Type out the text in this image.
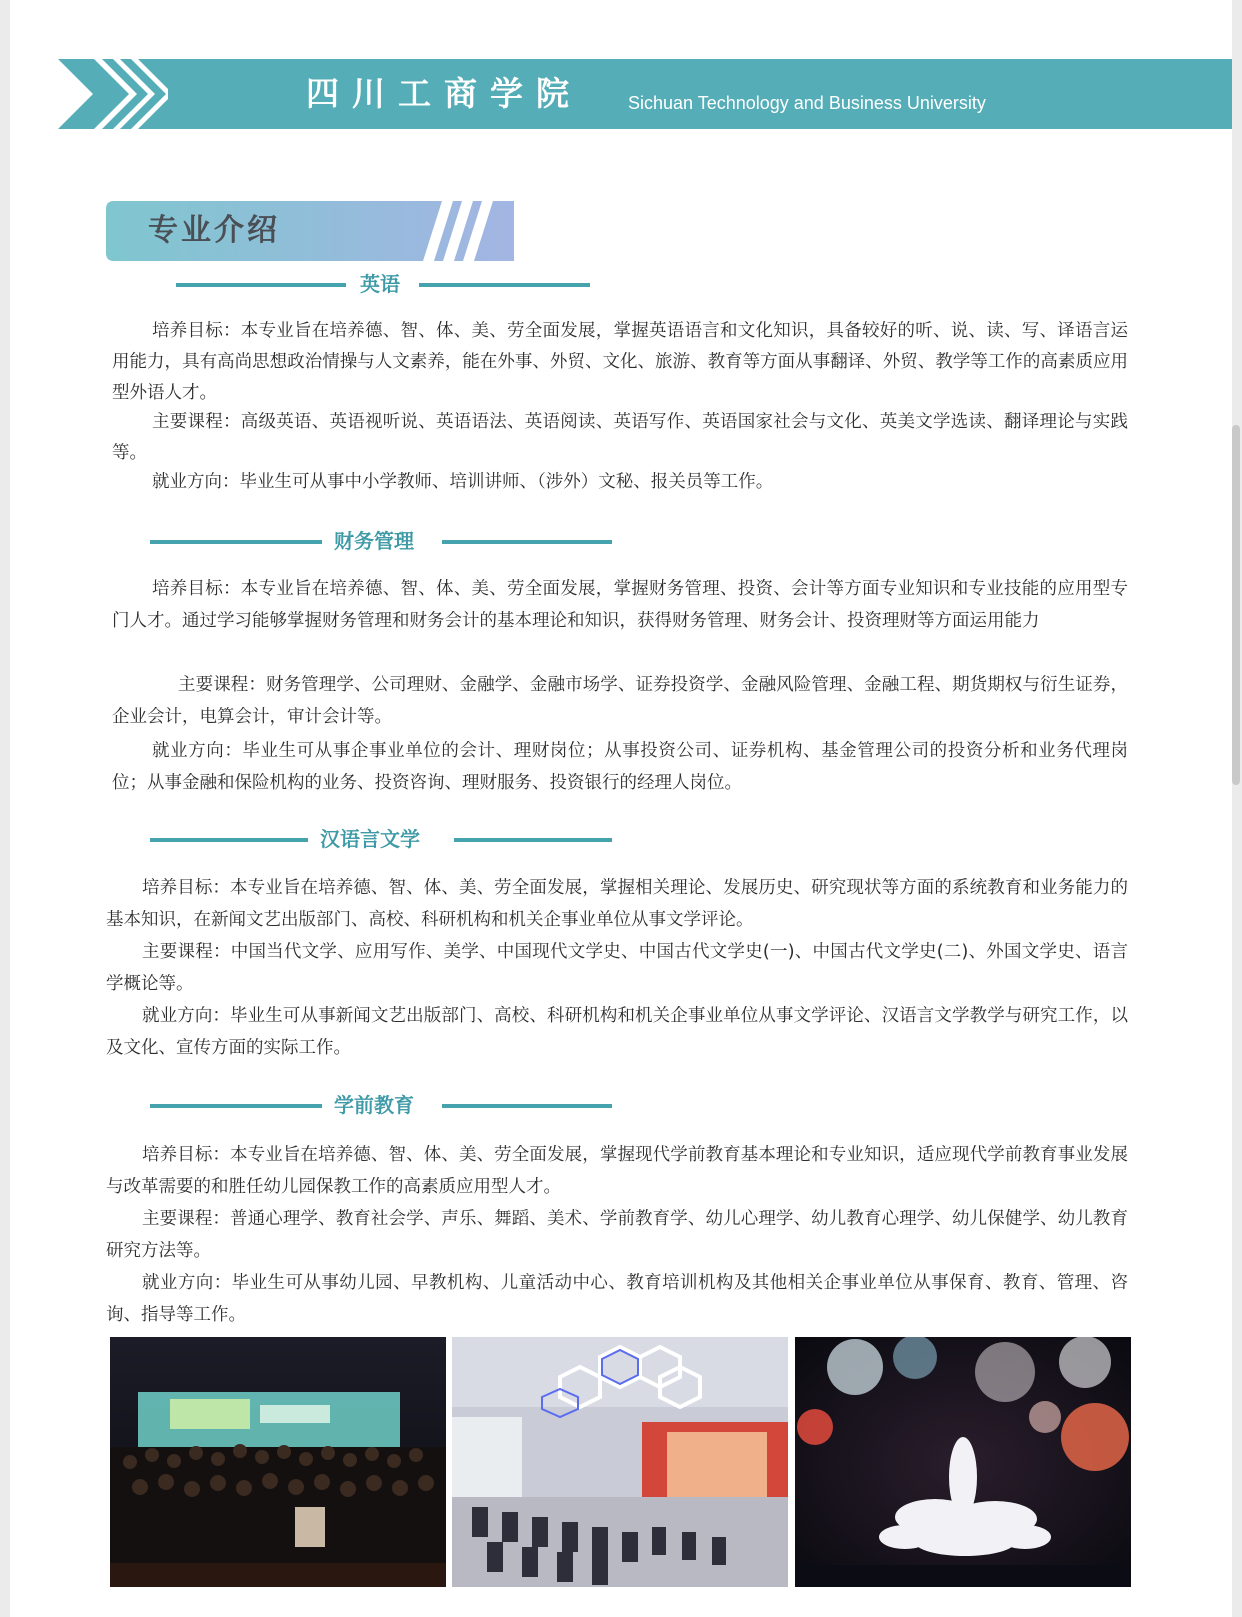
四川工商学院	Sichuan Technology and Business University
专业介绍
英语
培养目标：本专业旨在培养德、智、体、美、劳全面发展，掌握英语语言和文化知识，具备较好的听、说、读、写、译语言运用能力，具有高尚思想政治情操与人文素养，能在外事、外贸、文化、旅游、教育等方面从事翻译、外贸、教学等工作的高素质应用型外语人才。
主要课程：高级英语、英语视听说、英语语法、英语阅读、英语写作、英语国家社会与文化、英美文学选读、翻译理论与实践等。
就业方向：毕业生可从事中小学教师、培训讲师、（涉外）文秘、报关员等工作。
财务管理
培养目标：本专业旨在培养德、智、体、美、劳全面发展，掌握财务管理、投资、会计等方面专业知识和专业技能的应用型专门人才。通过学习能够掌握财务管理和财务会计的基本理论和知识，获得财务管理、财务会计、投资理财等方面运用能力
主要课程：财务管理学、公司理财、金融学、金融市场学、证券投资学、金融风险管理、金融工程、期货期权与衍生证券，企业会计，电算会计，审计会计等。
就业方向：毕业生可从事企事业单位的会计、理财岗位；从事投资公司、证券机构、基金管理公司的投资分析和业务代理岗位；从事金融和保险机构的业务、投资咨询、理财服务、投资银行的经理人岗位。
汉语言文学
培养目标：本专业旨在培养德、智、体、美、劳全面发展，掌握相关理论、发展历史、研究现状等方面的系统教育和业务能力的基本知识，在新闻文艺出版部门、高校、科研机构和机关企事业单位从事文学评论。
主要课程：中国当代文学、应用写作、美学、中国现代文学史、中国古代文学史(一)、中国古代文学史(二)、外国文学史、语言学概论等。
就业方向：毕业生可从事新闻文艺出版部门、高校、科研机构和机关企事业单位从事文学评论、汉语言文学教学与研究工作，以及文化、宣传方面的实际工作。
学前教育
培养目标：本专业旨在培养德、智、体、美、劳全面发展，掌握现代学前教育基本理论和专业知识，适应现代学前教育事业发展与改革需要的和胜任幼儿园保教工作的高素质应用型人才。
主要课程：普通心理学、教育社会学、声乐、舞蹈、美术、学前教育学、幼儿心理学、幼儿教育心理学、幼儿保健学、幼儿教育研究方法等。
就业方向：毕业生可从事幼儿园、早教机构、儿童活动中心、教育培训机构及其他相关企事业单位从事保育、教育、管理、咨询、指导等工作。
